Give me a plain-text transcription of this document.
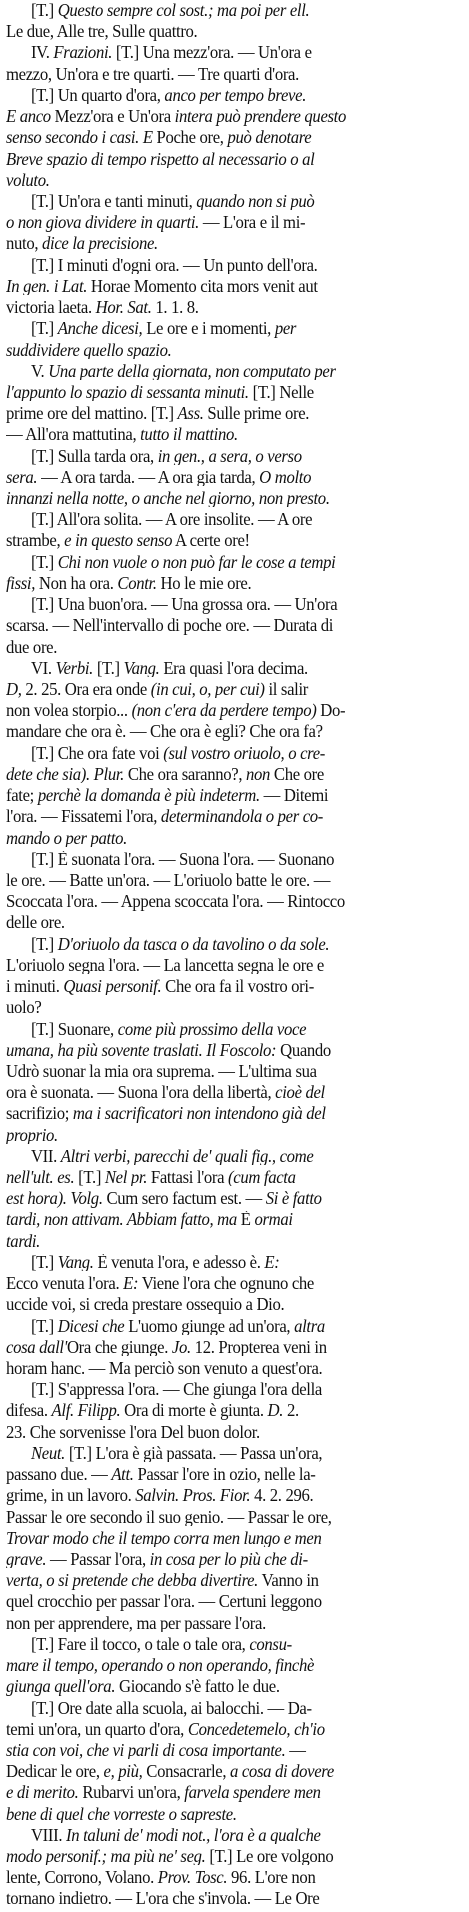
[T.] Questo sempre col sost.; ma poi per ell.
Le due, Alle tre, Sulle quattro.
IV. Frazioni. [T.] Una mezz'ora. — Un'ora e
mezzo, Un'ora e tre quarti. — Tre quarti d'ora.
[T.] Un quarto d'ora, anco per tempo breve.
E anco Mezz'ora e Un'ora intera può prendere questo
senso secondo i casi. E Poche ore, può denotare
Breve spazio di tempo rispetto al necessario o al
voluto.
[T.] Un'ora e tanti minuti, quando non si può
o non giova dividere in quarti. — L'ora e il mi-
nuto, dice la precisione.
[T.] I minuti d'ogni ora. — Un punto dell'ora.
In gen. i Lat. Horae Momento cita mors venit aut
victoria laeta. Hor. Sat. 1. 1. 8.
[T.] Anche dicesi, Le ore e i momenti, per
suddividere quello spazio.
V. Una parte della giornata, non computato per
l'appunto lo spazio di sessanta minuti. [T.] Nelle
prime ore del mattino. [T.] Ass. Sulle prime ore.
— All'ora mattutina, tutto il mattino.
[T.] Sulla tarda ora, in gen., a sera, o verso
sera. — A ora tarda. — A ora gia tarda, O molto
innanzi nella notte, o anche nel giorno, non presto.
[T.] All'ora solita. — A ore insolite. — A ore
strambe, e in questo senso A certe ore!
[T.] Chi non vuole o non può far le cose a tempi
fissi, Non ha ora. Contr. Ho le mie ore.
[T.] Una buon'ora. — Una grossa ora. — Un'ora
scarsa. — Nell'intervallo di poche ore. — Durata di
due ore.
VI. Verbi. [T.] Vang. Era quasi l'ora decima.
D, 2. 25. Ora era onde (in cui, o, per cui) il salir
non volea storpio... (non c'era da perdere tempo) Do-
mandare che ora è. — Che ora è egli? Che ora fa?
[T.] Che ora fate voi (sul vostro oriuolo, o cre-
dete che sia). Plur. Che ora saranno?, non Che ore
fate; perchè la domanda è più indeterm. — Ditemi
l'ora. — Fissatemi l'ora, determinandola o per co-
mando o per patto.
[T.] È suonata l'ora. — Suona l'ora. — Suonano
le ore. — Batte un'ora. — L'oriuolo batte le ore. —
Scoccata l'ora. — Appena scoccata l'ora. — Rintocco
delle ore.
[T.] D'oriuolo da tasca o da tavolino o da sole.
L'oriuolo segna l'ora. — La lancetta segna le ore e
i minuti. Quasi personif. Che ora fa il vostro ori-
uolo?
[T.] Suonare, come più prossimo della voce
umana, ha più sovente traslati. Il Foscolo: Quando
Udrò suonar la mia ora suprema. — L'ultima sua
ora è suonata. — Suona l'ora della libertà, cioè del
sacrifizio; ma i sacrificatori non intendono già del
proprio.
VII. Altri verbi, parecchi de' quali fig., come
nell'ult. es. [T.] Nel pr. Fattasi l'ora (cum facta
est hora). Volg. Cum sero factum est. — Si è fatto
tardi, non attivam. Abbiam fatto, ma È ormai
tardi.
[T.] Vang. È venuta l'ora, e adesso è. E:
Ecco venuta l'ora. E: Viene l'ora che ognuno che
uccide voi, si creda prestare ossequio a Dio.
[T.] Dicesi che L'uomo giunge ad un'ora, altra
cosa dall'Ora che giunge. Jo. 12. Propterea veni in
horam hanc. — Ma perciò son venuto a quest'ora.
[T.] S'appressa l'ora. — Che giunga l'ora della
difesa. Alf. Filipp. Ora di morte è giunta. D. 2.
23. Che sorvenisse l'ora Del buon dolor.
Neut. [T.] L'ora è già passata. — Passa un'ora,
passano due. — Att. Passar l'ore in ozio, nelle la-
grime, in un lavoro. Salvin. Pros. Fior. 4. 2. 296.
Passar le ore secondo il suo genio. — Passar le ore,
Trovar modo che il tempo corra men lungo e men
grave. — Passar l'ora, in cosa per lo più che di-
verta, o si pretende che debba divertire. Vanno in
quel crocchio per passar l'ora. — Certuni leggono
non per apprendere, ma per passare l'ora.
[T.] Fare il tocco, o tale o tale ora, consu-
mare il tempo, operando o non operando, finchè
giunga quell'ora. Giocando s'è fatto le due.
[T.] Ore date alla scuola, ai balocchi. — Da-
temi un'ora, un quarto d'ora, Concedetemelo, ch'io
stia con voi, che vi parli di cosa importante. —
Dedicar le ore, e, più, Consacrarle, a cosa di dovere
e di merito. Rubarvi un'ora, farvela spendere men
bene di quel che vorreste o sapreste.
VIII. In taluni de' modi not., l'ora è a qualche
modo personif.; ma più ne' seg. [T.] Le ore volgono
lente, Corrono, Volano. Prov. Tosc. 96. L'ore non
tornano indietro. — L'ora che s'invola. — Le Ore
